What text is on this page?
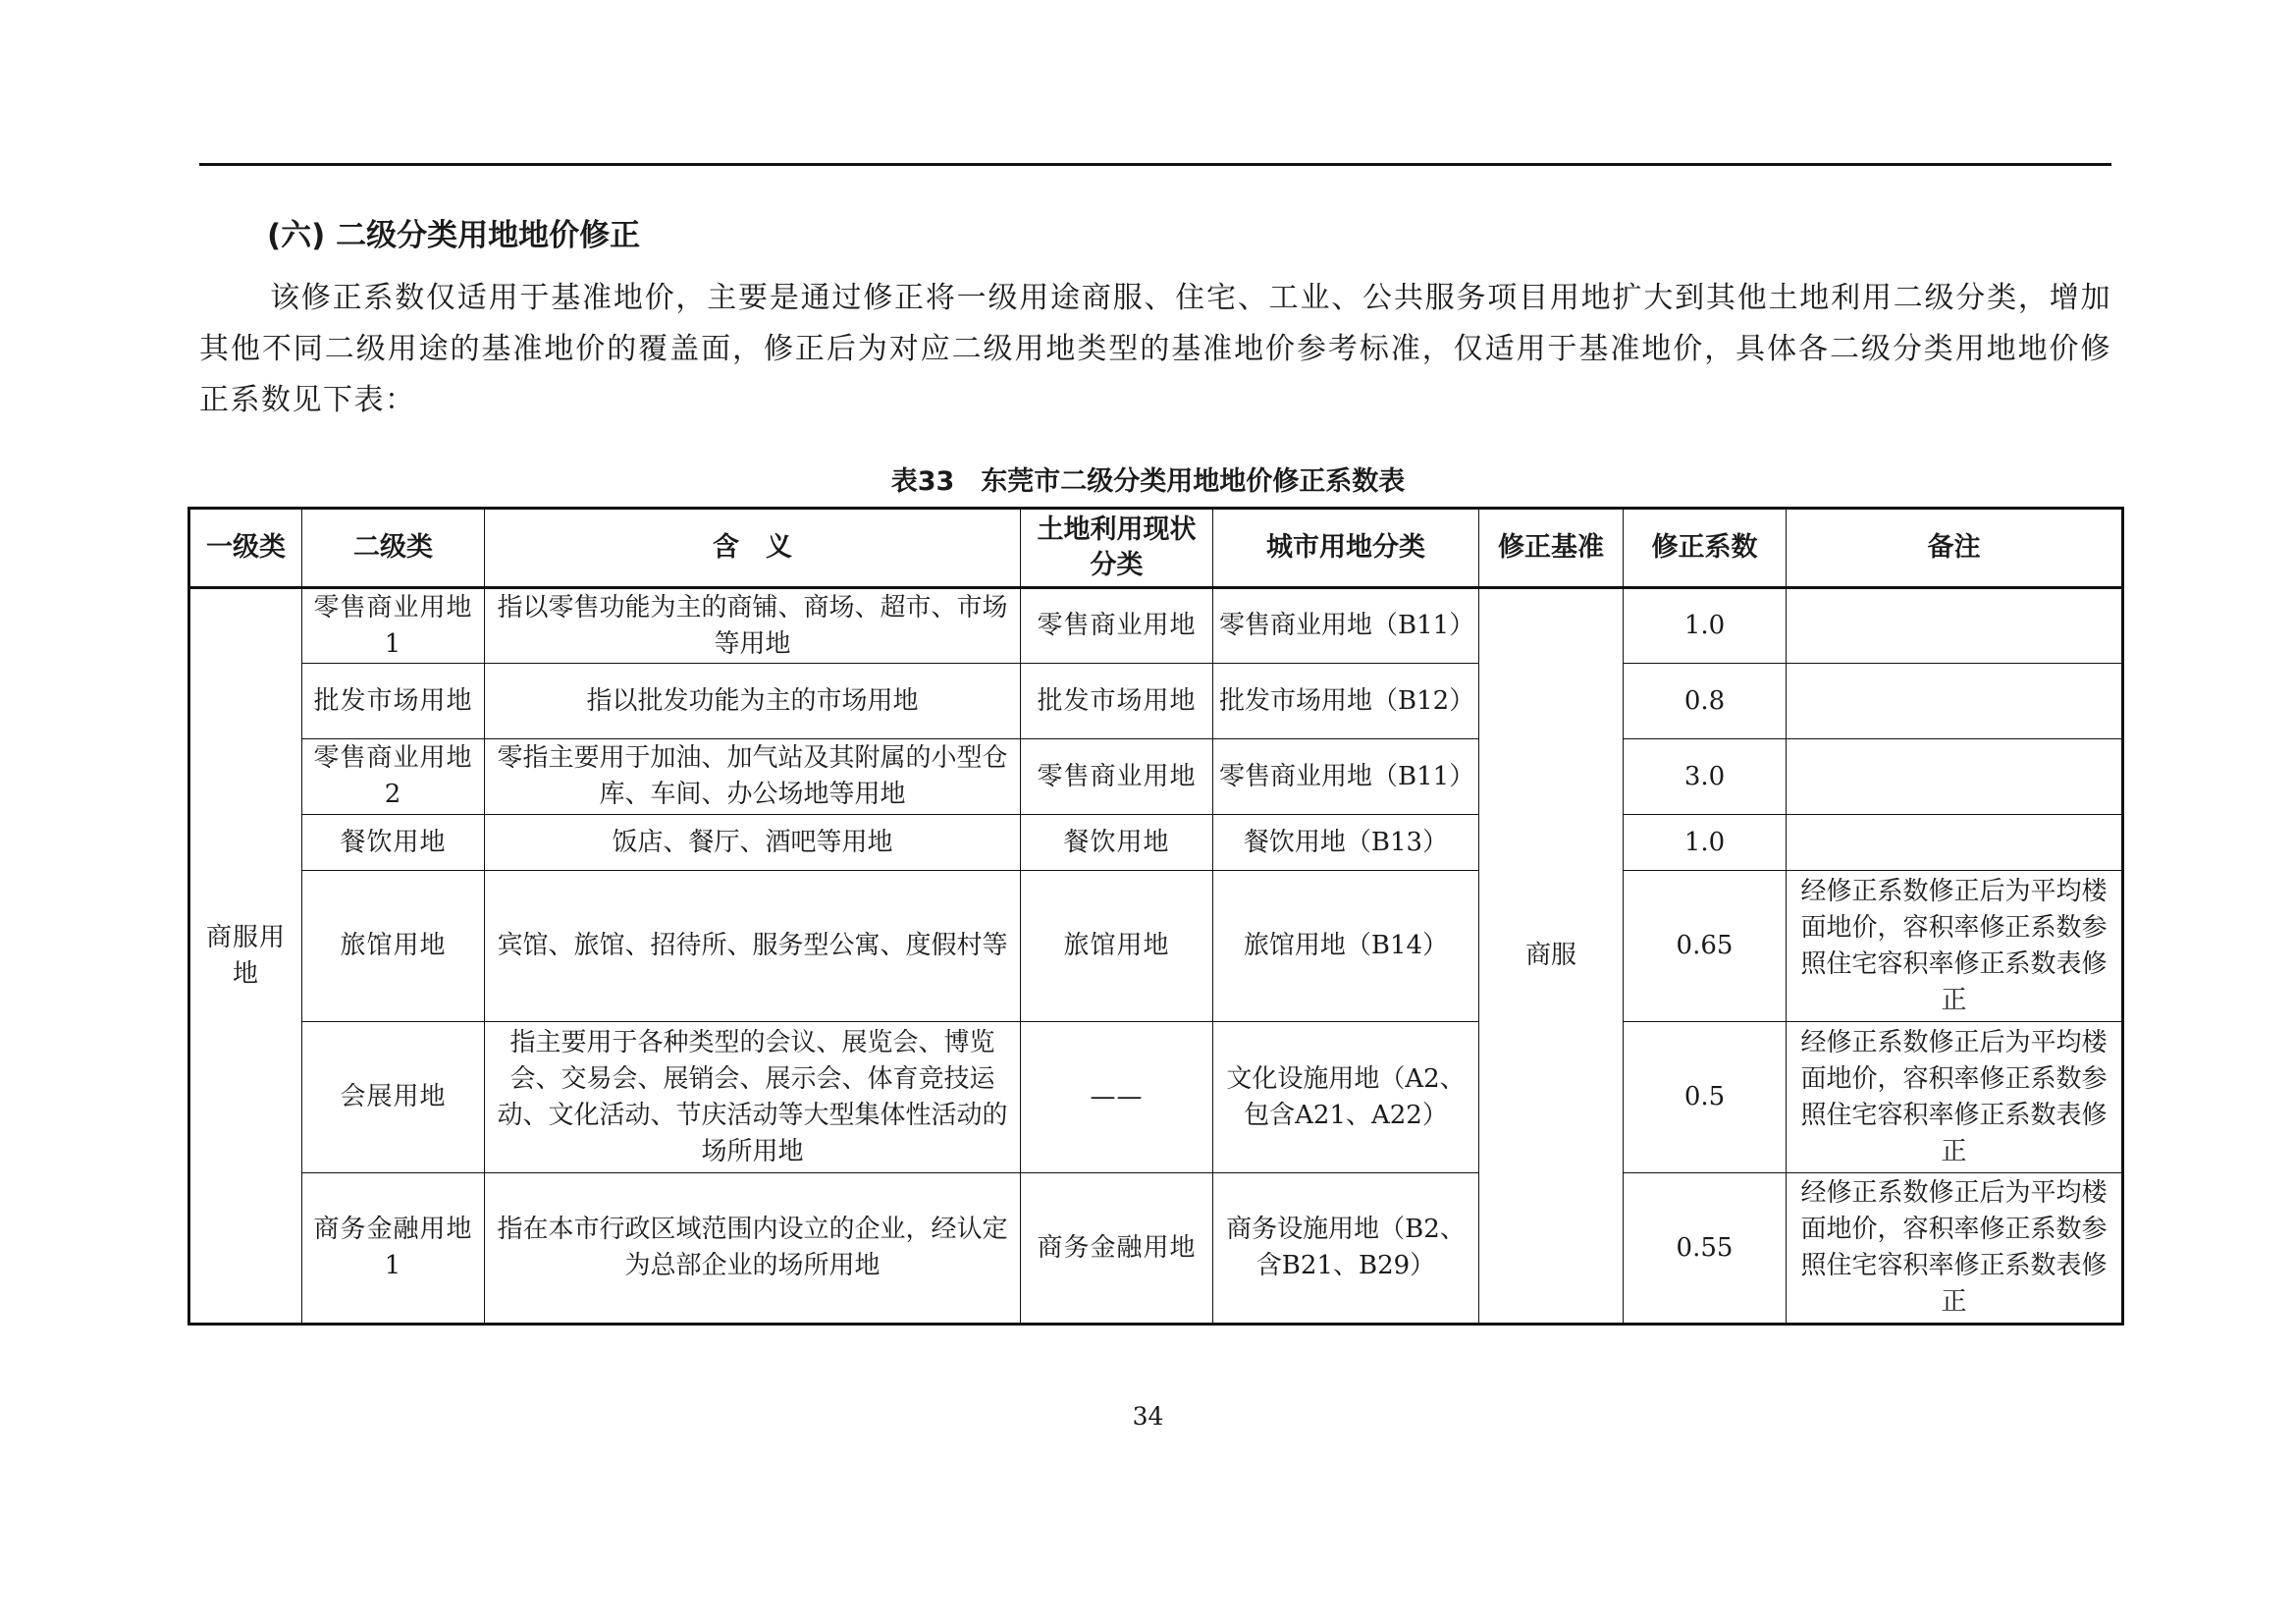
(六) 二级分类用地地价修正
该修正系数仅适用于基准地价，主要是通过修正将一级用途商服、住宅、工业、公共服务项目用地扩大到其他土地利用二级分类，增加其他不同二级用途的基准地价的覆盖面，修正后为对应二级用地类型的基准地价参考标准，仅适用于基准地价，具体各二级分类用地地价修正系数见下表：
表33　东莞市二级分类用地地价修正系数表
一级类	二级类	含　义	土地利用现状分类	城市用地分类	修正基准	修正系数	备注
商服用地	零售商业用地1	指以零售功能为主的商铺、商场、超市、市场等用地	零售商业用地	零售商业用地（B11）	商服	1.0	
	批发市场用地	指以批发功能为主的市场用地	批发市场用地	批发市场用地（B12）		0.8	
	零售商业用地2	零指主要用于加油、加气站及其附属的小型仓库、车间、办公场地等用地	零售商业用地	零售商业用地（B11）		3.0	
	餐饮用地	饭店、餐厅、酒吧等用地	餐饮用地	餐饮用地（B13）		1.0	
	旅馆用地	宾馆、旅馆、招待所、服务型公寓、度假村等	旅馆用地	旅馆用地（B14）		0.65	经修正系数修正后为平均楼面地价，容积率修正系数参照住宅容积率修正系数表修正
	会展用地	指主要用于各种类型的会议、展览会、博览会、交易会、展销会、展示会、体育竞技运动、文化活动、节庆活动等大型集体性活动的场所用地	——	文化设施用地（A2、包含A21、A22）		0.5	经修正系数修正后为平均楼面地价，容积率修正系数参照住宅容积率修正系数表修正
	商务金融用地1	指在本市行政区域范围内设立的企业，经认定为总部企业的场所用地	商务金融用地	商务设施用地（B2、含B21、B29）		0.55	经修正系数修正后为平均楼面地价，容积率修正系数参照住宅容积率修正系数表修正
34
